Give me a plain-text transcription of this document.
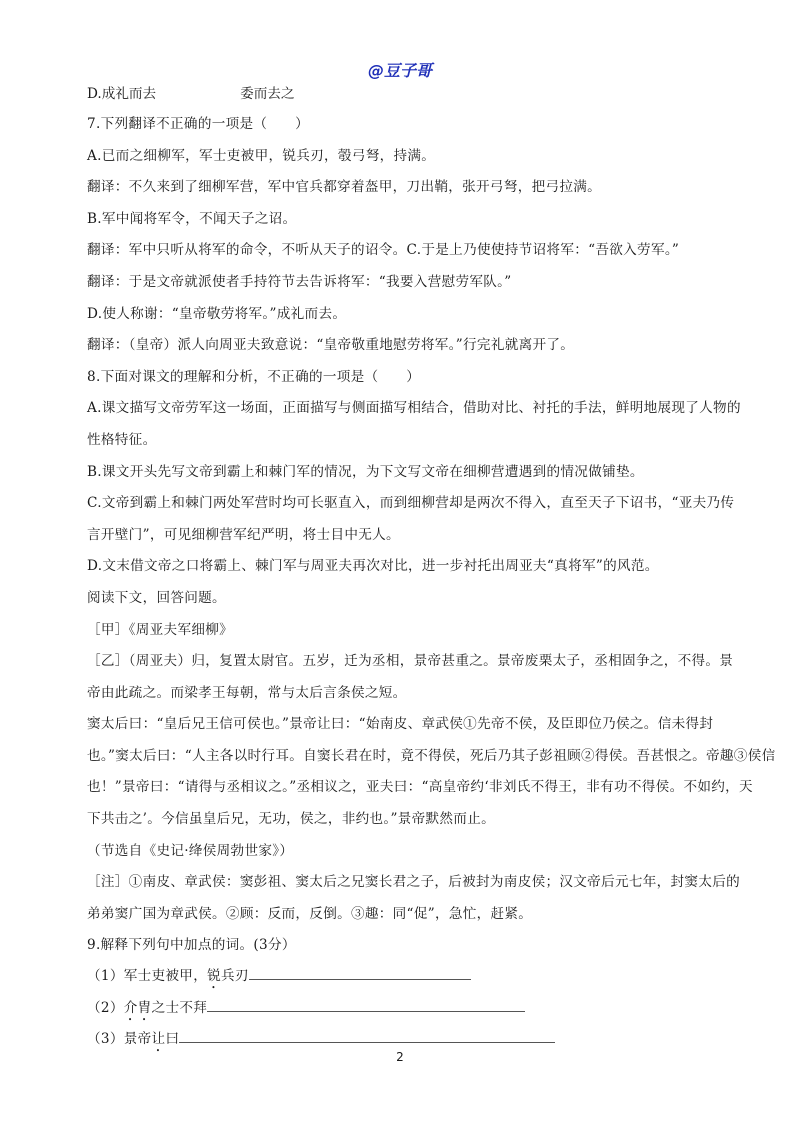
@豆子哥
D.成礼而去	委而去之
7.下列翻译不正确的一项是（　　）
A.已而之细柳军，军士吏被甲，锐兵刃，彀弓弩，持满。
翻译：不久来到了细柳军营，军中官兵都穿着盔甲，刀出鞘，张开弓弩，把弓拉满。
B.军中闻将军令，不闻天子之诏。
翻译：军中只听从将军的命令，不听从天子的诏令。C.于是上乃使使持节诏将军：“吾欲入劳军。”
翻译：于是文帝就派使者手持符节去告诉将军：“我要入营慰劳军队。”
D.使人称谢：“皇帝敬劳将军。”成礼而去。
翻译：（皇帝）派人向周亚夫致意说：“皇帝敬重地慰劳将军。”行完礼就离开了。
8.下面对课文的理解和分析，不正确的一项是（　　）
A.课文描写文帝劳军这一场面，正面描写与侧面描写相结合，借助对比、衬托的手法，鲜明地展现了人物的
性格特征。
B.课文开头先写文帝到霸上和棘门军的情况，为下文写文帝在细柳营遭遇到的情况做铺垫。
C.文帝到霸上和棘门两处军营时均可长驱直入，而到细柳营却是两次不得入，直至天子下诏书，“亚夫乃传
言开壁门”，可见细柳营军纪严明，将士目中无人。
D.文末借文帝之口将霸上、棘门军与周亚夫再次对比，进一步衬托出周亚夫“真将军”的风范。
阅读下文，回答问题。
［甲］《周亚夫军细柳》
［乙］（周亚夫）归，复置太尉官。五岁，迁为丞相，景帝甚重之。景帝废栗太子，丞相固争之，不得。景
帝由此疏之。而梁孝王每朝，常与太后言条侯之短。
窦太后曰：“皇后兄王信可侯也。”景帝让曰：“始南皮、章武侯①先帝不侯，及臣即位乃侯之。信未得封
也。”窦太后曰：“人主各以时行耳。自窦长君在时，竟不得侯，死后乃其子彭祖顾②得侯。吾甚恨之。帝趣③侯信
也！”景帝曰：“请得与丞相议之。”丞相议之，亚夫曰：“高皇帝约‘非刘氏不得王，非有功不得侯。不如约，天
下共击之’。今信虽皇后兄，无功，侯之，非约也。”景帝默然而止。
（节选自《史记·绛侯周勃世家》）
［注］①南皮、章武侯：窦彭祖、窦太后之兄窦长君之子，后被封为南皮侯；汉文帝后元七年，封窦太后的
弟弟窦广国为章武侯。②顾：反而，反倒。③趣：同“促”，急忙，赶紧。
9.解释下列句中加点的词。(3分）
（1）军士吏被甲，锐兵刃
（2）介胄之士不拜
（3）景帝让曰
2
